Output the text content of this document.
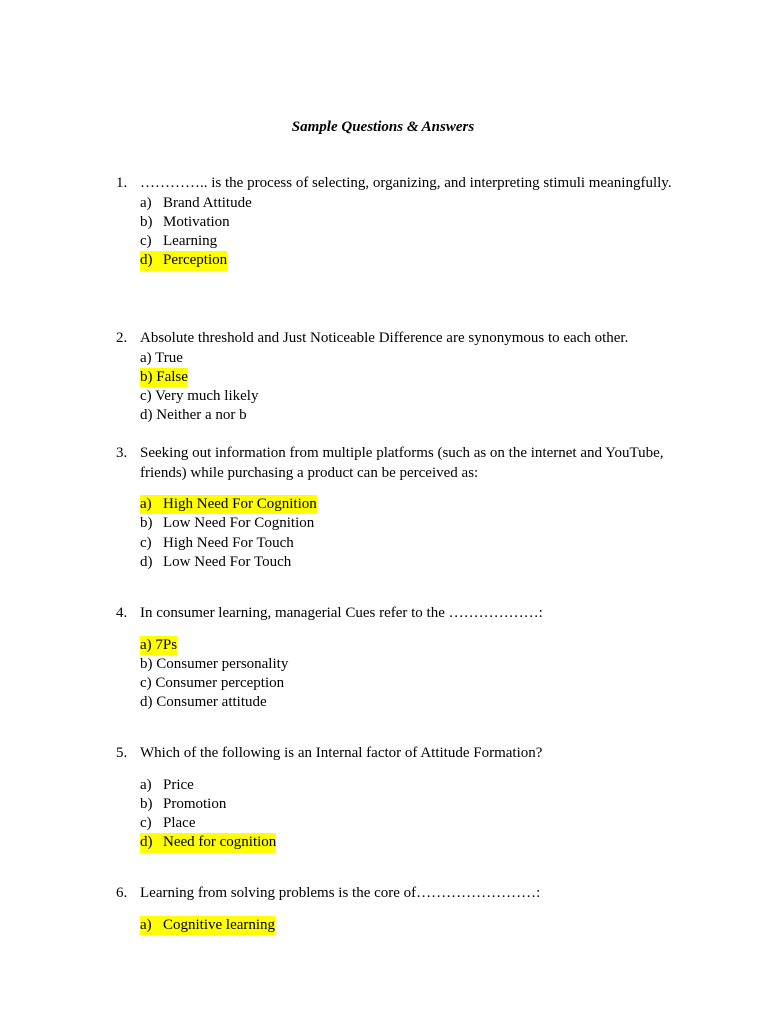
Sample Questions & Answers
1. ………….. is the process of selecting, organizing, and interpreting stimuli meaningfully.
a) Brand Attitude
b) Motivation
c) Learning
d) Perception
2. Absolute threshold and Just Noticeable Difference are synonymous to each other.
a) True
b) False
c) Very much likely
d) Neither a nor b
3. Seeking out information from multiple platforms (such as on the internet and YouTube, friends) while purchasing a product can be perceived as:
a) High Need For Cognition
b) Low Need For Cognition
c) High Need For Touch
d) Low Need For Touch
4. In consumer learning, managerial Cues refer to the ………………:
a) 7Ps
b) Consumer personality
c) Consumer perception
d) Consumer attitude
5. Which of the following is an Internal factor of Attitude Formation?
a) Price
b) Promotion
c) Place
d) Need for cognition
6. Learning from solving problems is the core of……………………:
a) Cognitive learning
